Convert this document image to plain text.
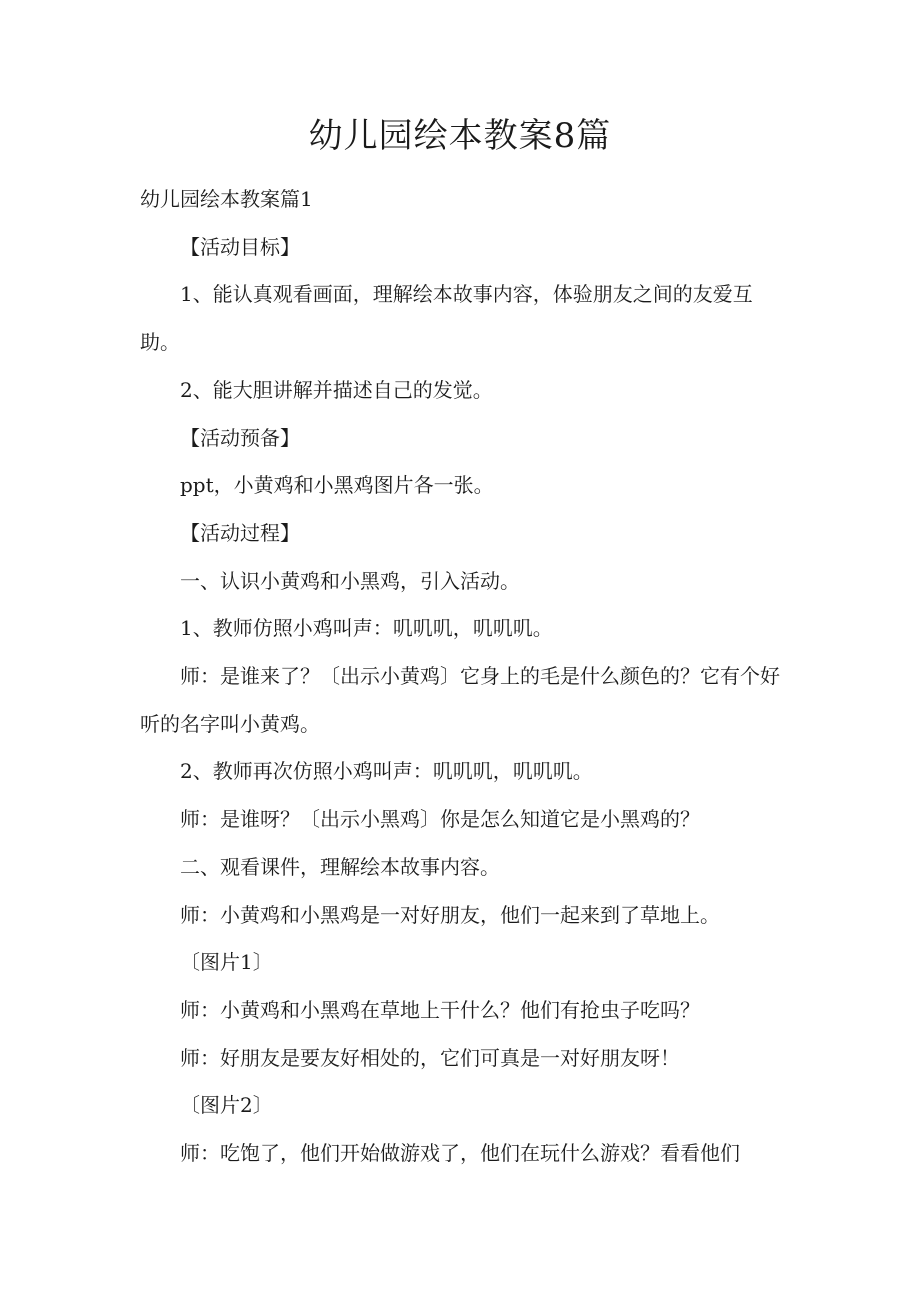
幼儿园绘本教案8篇

幼儿园绘本教案篇1

【活动目标】

1、能认真观看画面，理解绘本故事内容，体验朋友之间的友爱互助。

2、能大胆讲解并描述自己的发觉。

【活动预备】

ppt，小黄鸡和小黑鸡图片各一张。

【活动过程】

一、认识小黄鸡和小黑鸡，引入活动。

1、教师仿照小鸡叫声：叽叽叽，叽叽叽。

师：是谁来了？〔出示小黄鸡〕它身上的毛是什么颜色的？它有个好听的名字叫小黄鸡。

2、教师再次仿照小鸡叫声：叽叽叽，叽叽叽。

师：是谁呀？〔出示小黑鸡〕你是怎么知道它是小黑鸡的？

二、观看课件，理解绘本故事内容。

师：小黄鸡和小黑鸡是一对好朋友，他们一起来到了草地上。

〔图片1〕

师：小黄鸡和小黑鸡在草地上干什么？他们有抢虫子吃吗？

师：好朋友是要友好相处的，它们可真是一对好朋友呀！

〔图片2〕

师：吃饱了，他们开始做游戏了，他们在玩什么游戏？看看他们
